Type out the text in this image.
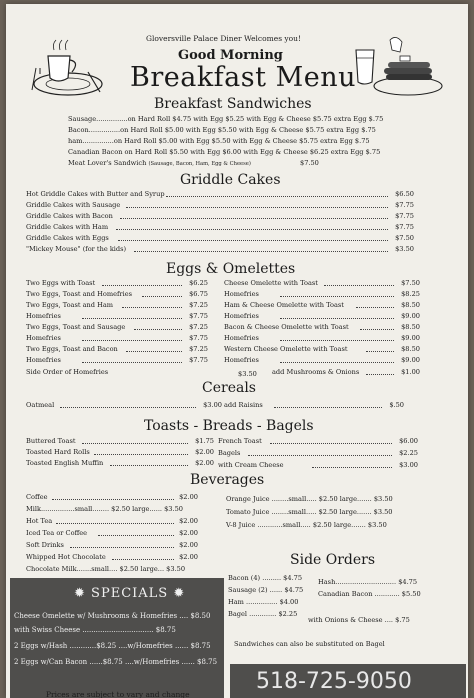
Gloversville Palace Diner Welcomes you!
Good Morning
Breakfast Menu
Breakfast Sandwiches
Sausage...............on Hard Roll $4.75 with Egg $5.25 with Egg & Cheese $5.75 extra Egg $.75
Bacon...............on Hard Roll $5.00 with Egg $5.50 with Egg & Cheese $5.75 extra Egg $.75
ham...............on Hard Roll $5.00 with Egg $5.50 with Egg & Cheese $5.75 extra Egg $.75
Canadian Bacon on Hard Roll $5.50 with Egg $6.00 with Egg & Cheese $6.25 extra Egg $.75
Meat Lover's Sandwich (Sausage, Bacon, Ham, Egg & Cheese)	$7.50
Griddle Cakes
Hot Griddle Cakes with Butter and Syrup	$6.50
Griddle Cakes with Sausage	$7.75
Griddle Cakes with Bacon	$7.75
Griddle Cakes with Ham	$7.75
Griddle Cakes with Eggs	$7.50
"Mickey Mouse" (for the kids)	$3.50
Eggs & Omelettes
Two Eggs with Toast	$6.25
Two Eggs, Toast and Homefries	$6.75
Two Eggs, Toast and Ham	$7.25
Homefries	$7.75
Two Eggs, Toast and Sausage	$7.25
Homefries	$7.75
Two Eggs, Toast and Bacon	$7.25
Homefries	$7.75
Side Order of Homefries	$3.50
Cheese Omelette with Toast	$7.50
Homefries	$8.25
Ham & Cheese Omelette with Toast	$8.50
Homefries	$9.00
Bacon & Cheese Omelette with Toast	$8.50
Homefries	$9.00
Western Cheese Omelette with Toast	$8.50
Homefries	$9.00
add Mushrooms & Onions	$1.00
Cereals
Oatmeal	$3.00 add Raisins	$.50
Toasts - Breads - Bagels
Buttered Toast	$1.75
Toasted Hard Rolls	$2.00
Toasted English Muffin	$2.00
French Toast	$6.00
Bagels	$2.25
with Cream Cheese	$3.00
Beverages
Coffee	$2.00
Milk................small........ $2.50 large...... $3.50
Hot Tea	$2.00
Iced Tea or Coffee	$2.00
Soft Drinks	$2.00
Whipped Hot Chocolate	$2.00
Chocolate Milk.......small.... $2.50 large... $3.50
Orange Juice ........small..... $2.50 large....... $3.50
Tomato Juice ........small..... $2.50 large....... $3.50
V-8 Juice ............small..... $2.50 large....... $3.50
Side Orders
Bacon (4) ......... $4.75
Sausage (2) ...... $4.75
Ham ............... $4.00
Bagel ............. $2.25
Hash............................. $4.75
Canadian Bacon ............ $5.50
with Onions & Cheese .... $.75
Sandwiches can also be substituted on Bagel
✹ SPECIALS ✹
Cheese Omelette w/ Mushrooms & Homefries .... $8.50
with Swiss Cheese ................................ $8.75
2 Eggs w/Hash ............$8.25 ....w/Homefries ...... $8.75
2 Eggs w/Can Bacon ......$8.75 ....w/Homefries ...... $8.75
518-725-9050
Prices are subject to vary and change
